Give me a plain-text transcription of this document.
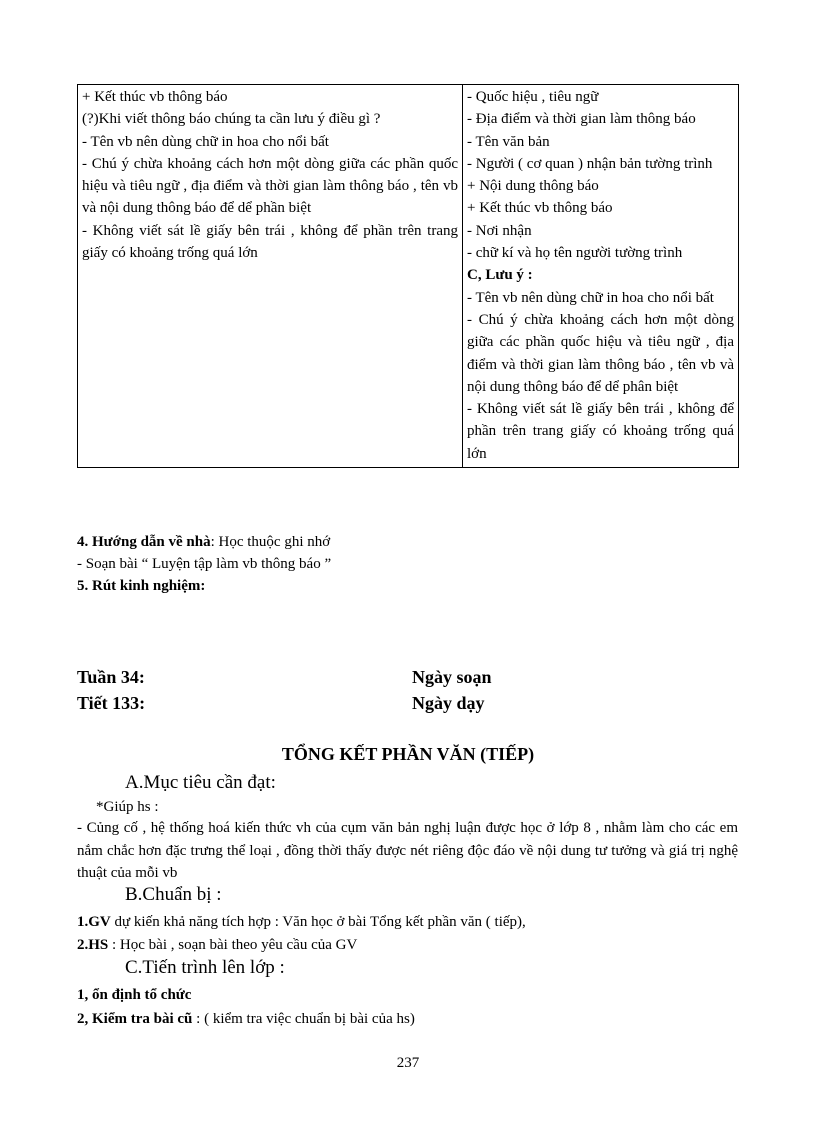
+ Kết thúc vb thông báo
(?)Khi viết thông báo chúng ta cần lưu ý điều gì ?
- Tên vb nên dùng chữ in hoa cho nổi bất
- Chú ý chừa khoảng cách hơn một dòng giữa các phần quốc hiệu và tiêu ngữ , địa điểm và thời gian làm thông báo , tên vb và nội dung thông báo để dể phần biệt
- Không viết sát lề giấy bên trái , không để phần trên trang giấy có khoảng trống quá lớn

- Quốc hiệu , tiêu ngữ
- Địa điểm và thời gian làm thông báo
- Tên văn bản
- Người ( cơ quan ) nhận bản tường trình
+ Nội dung thông báo
+ Kết thúc vb thông báo
- Nơi nhận
- chữ kí và họ tên người tường trình
C, Lưu ý :
- Tên vb nên dùng chữ in hoa cho nổi bất
- Chú ý chừa khoảng cách hơn một dòng giữa các phần quốc hiệu và tiêu ngữ , địa điểm và thời gian làm thông báo , tên vb và nội dung thông báo để dể phân biệt
- Không viết sát lề giấy bên trái , không để phần trên trang giấy có khoảng trống quá lớn
4. Hướng dẫn về nhà: Học thuộc ghi nhớ
- Soạn bài “ Luyện tập làm vb thông báo ”
5. Rút kinh nghiệm:
Tuần 34:	Ngày soạn
Tiết 133:	Ngày dạy
TỔNG KẾT PHẦN VĂN (TIẾP)
A.Mục tiêu cần đạt:
*Giúp hs :
- Củng cố , hệ thống hoá kiến thức vh của cụm văn bản nghị luận được học ở lớp 8 , nhằm làm cho các em nắm chắc hơn đặc trưng thể loại , đồng thời thấy được nét riêng độc đáo về nội dung tư tưởng và giá trị nghệ thuật của mỗi vb
B.Chuẩn bị :
1.GV dự kiến khả năng tích hợp : Văn học ở bài Tổng kết phần văn ( tiếp),
2.HS : Học bài , soạn bài theo yêu cầu của GV
C.Tiến trình lên lớp :
1, ổn định tổ chức
2, Kiểm tra bài cũ : ( kiểm tra việc chuẩn bị bài của hs)
237
